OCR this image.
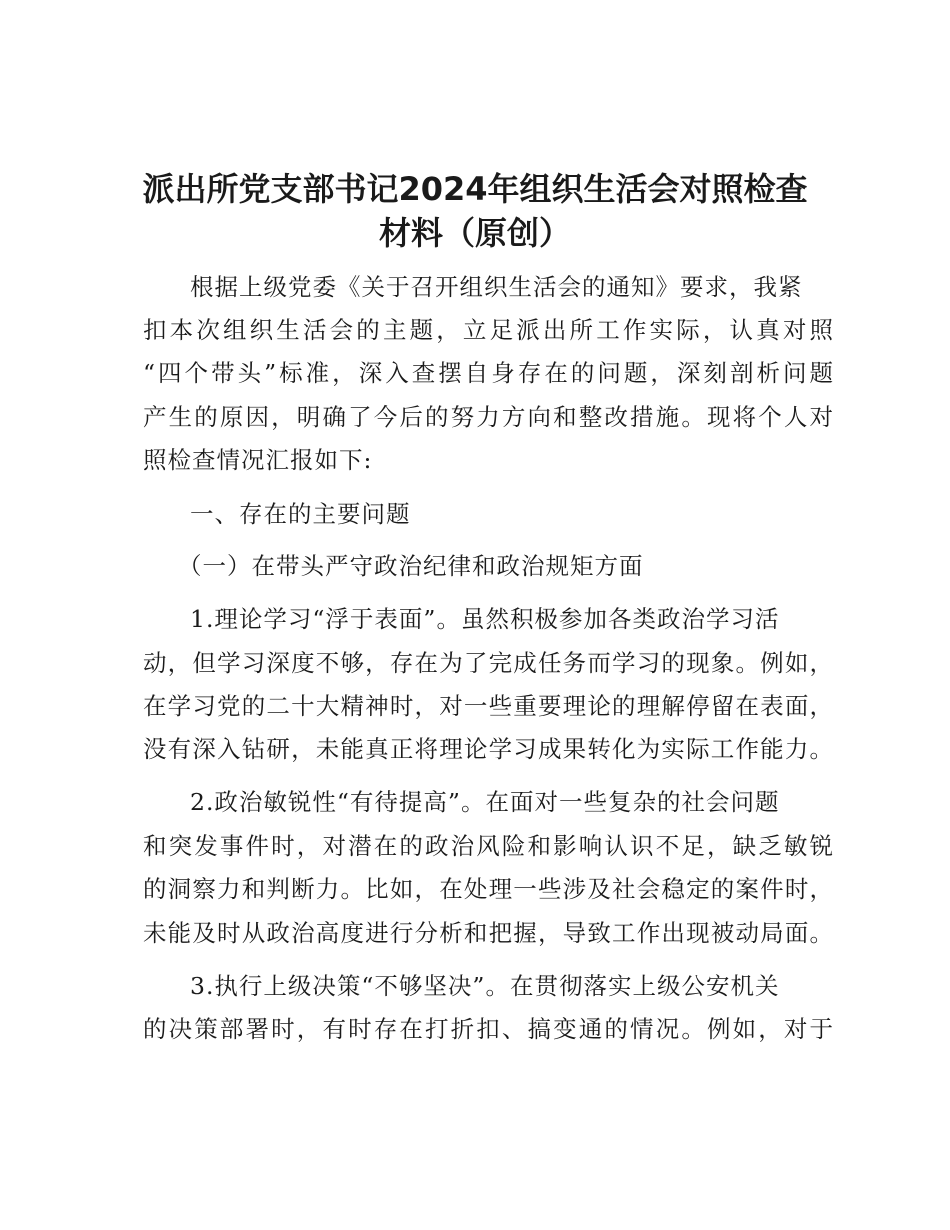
派出所党支部书记2024年组织生活会对照检查
材料（原创）

根据上级党委《关于召开组织生活会的通知》要求，我紧

扣本次组织生活会的主题，立足派出所工作实际，认真对照

“四个带头”标准，深入查摆自身存在的问题，深刻剖析问题

产生的原因，明确了今后的努力方向和整改措施。现将个人对

照检查情况汇报如下:

一、存在的主要问题

（一）在带头严守政治纪律和政治规矩方面

1.理论学习“浮于表面”。虽然积极参加各类政治学习活

动，但学习深度不够，存在为了完成任务而学习的现象。例如，

在学习党的二十大精神时，对一些重要理论的理解停留在表面，

没有深入钻研，未能真正将理论学习成果转化为实际工作能力。

2.政治敏锐性“有待提高”。在面对一些复杂的社会问题

和突发事件时，对潜在的政治风险和影响认识不足，缺乏敏锐

的洞察力和判断力。比如，在处理一些涉及社会稳定的案件时，

未能及时从政治高度进行分析和把握，导致工作出现被动局面。

3.执行上级决策“不够坚决”。在贯彻落实上级公安机关

的决策部署时，有时存在打折扣、搞变通的情况。例如，对于
